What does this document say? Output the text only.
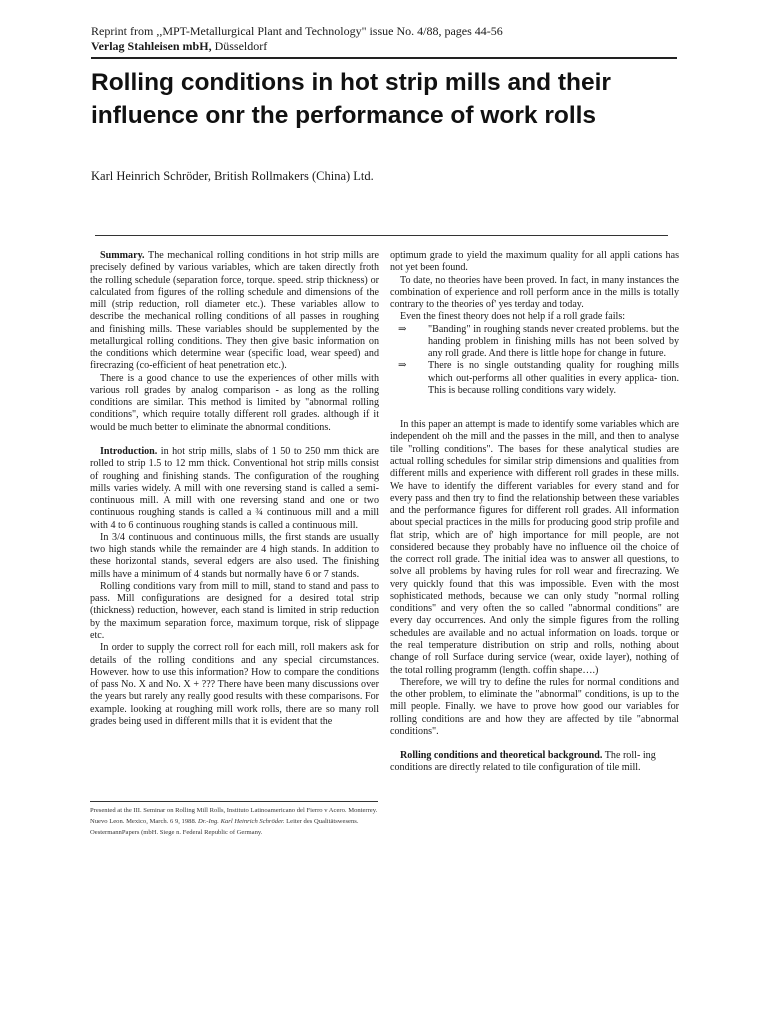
Reprint from ,,MPT-Metallurgical Plant and Technology" issue No. 4/88, pages 44-56
Verlag Stahleisen mbH, Düsseldorf
Rolling conditions in hot strip mills and their influence onr the performance of work rolls
Karl Heinrich Schröder, British Rollmakers (China) Ltd.

Summary. The mechanical rolling conditions in hot strip mills are precisely defined by various variables, which are taken directly froth the rolling schedule (separation force, torque. speed. strip thickness) or calculated from figures of the rolling schedule and dimensions of the mill (strip reduction, roll diameter etc.). These variables allow to describe the mechanical rolling conditions of all passes in roughing and finishing mills. These variables should be supplemented by the metallurgical rolling conditions. They then give basic information on the conditions which determine wear (specific load, wear speed) and firecrazing (co-efficient of heat penetration etc.).

There is a good chance to use the experiences of other mills with various roll grades by analog comparison - as long as the rolling conditions are similar. This method is limited by "abnormal rolling conditions", which require totally different roll grades. although if it would be much better to eliminate the abnormal conditions.

Introduction. in hot strip mills, slabs of 1 50 to 250 mm thick are rolled to strip 1.5 to 12 mm thick. Conventional hot strip mills consist of roughing and finishing stands. The configuration of the roughing mills varies widely. A mill with one reversing stand is called a semi-continuous mill. A mill with one reversing stand and one or two continuous roughing stands is called a ¾ continuous mill and a mill with 4 to 6 continuous roughing stands is called a continuous mill.

In 3/4 continuous and continuous mills, the first stands are usually two high stands while the remainder are 4 high stands. In addition to these horizontal stands, several edgers are also used. The finishing mills have a minimum of 4 stands but normally have 6 or 7 stands.

Rolling conditions vary from mill to mill, stand to stand and pass to pass. Mill configurations are designed for a desired total strip (thickness) reduction, however, each stand is limited in strip reduction by the maximum separation force, maximum torque, risk of slippage etc.

In order to supply the correct roll for each mill, roll makers ask for details of the rolling conditions and any special circumstances. However. how to use this information? How to compare the conditions of pass No. X and No. X + ??? There have been many discussions over the years but rarely any really good results with these comparisons. For example. looking at roughing mill work rolls, there are so many roll grades being used in different mills that it is evident that the

Presented at the III. Seminar on Rolling Mill Rolls, Instituto Latinoamericano del Fierro v Acero. Monterrey. Nuevo Leon. Mexico, March. 6 9, 1988. Dr.-Ing. Karl Heinrich Schröder. Leiter des Qualitätswesens. OestermannPapers (mbH. Siege n. Federal Republic of Germany.

optimum grade to yield the maximum quality for all appli cations has not yet been found.

To date, no theories have been proved. In fact, in many instances the combination of experience and roll perform ance in the mills is totally contrary to the theories of' yes terday and today.

Even the finest theory does not help if a roll grade fails:

⇒	"Banding" in roughing stands never created problems. but the handing problem in finishing mills has not been solved by any roll grade. And there is little hope for change in future.
⇒	There is no single outstanding quality for roughing mills which out-performs all other qualities in every applica- tion. This is because rolling conditions vary widely.

In this paper an attempt is made to identify some variables which are independent oh the mill and the passes in the mill, and then to analyse tile "rolling conditions". The bases for these analytical studies are actual rolling schedules for similar strip dimensions and qualities from different mills and experience with different roll grades in these mills. We have to identify the different variables for every stand and for every pass and then try to find the relationship between these variables and the performance figures for different roll grades. All information about special practices in the mills for producing good strip profile and flat strip, which are of' high importance for mill people, are not considered because they probably have no influence oil the choice of the correct roll grade. The initial idea was to answer all questions, to solve all problems by having rules for roll wear and firecrazing. We very quickly found that this was impossible. Even with the most sophisticated methods, because we can only study "normal rolling conditions" and very often the so called "abnormal conditions" are every day occurrences. And only the simple figures from the rolling schedules are available and no actual information on loads. torque or the real temperature distribution on strip and rolls, nothing about change of roll Surface during service (wear, oxide layer), nothing of the total rolling programm (length. coffin shape….)

Therefore, we will try to define the rules for normal conditions and the other problem, to eliminate the "abnormal" conditions, is up to the mill people. Finally. we have to prove how good our variables for rolling conditions are and how they are affected by tile "abnormal conditions".

Rolling conditions and theoretical background. The roll- ing conditions are directly related to tile configuration of tile mill.
